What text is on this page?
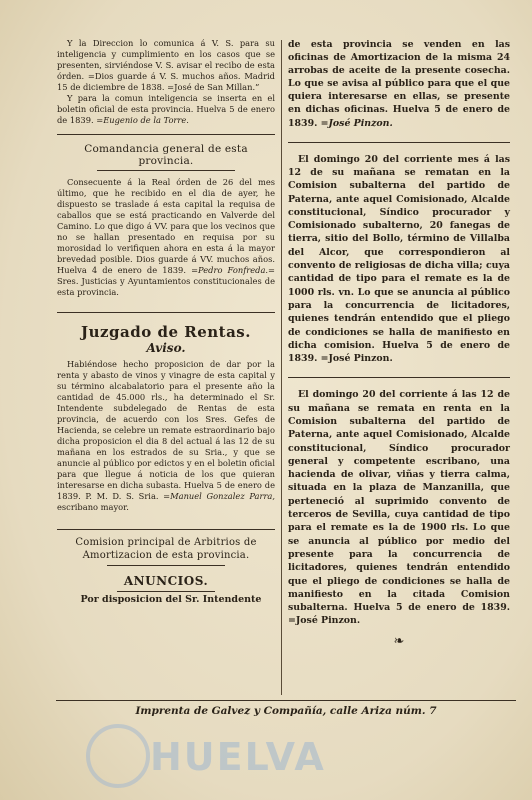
Y la Direccion lo comunica á V. S. para su inteligencia y cumplimiento en los casos que se presenten, sirviéndose V. S. avisar el recibo de esta órden. =Dios guarde á V. S. muchos años. Madrid 15 de diciembre de 1838. =José de San Millan.”

Y para la comun inteligencia se inserta en el boletin oficial de esta provincia. Huelva 5 de enero de 1839. =Eugenio de la Torre.

Comandancia general de esta provincia.

Consecuente á la Real órden de 26 del mes último, que he recibido en el dia de ayer, he dispuesto se traslade á esta capital la requisa de caballos que se está practicando en Valverde del Camino. Lo que digo á VV. para que los vecinos que no se hallan presentado en requisa por su morosidad lo verifiquen ahora en esta á la mayor brevedad posible. Dios guarde á VV. muchos años. Huelva 4 de enero de 1839. =Pedro Fonfreda.= Sres. Justicias y Ayuntamientos constitucionales de esta provincia.

Juzgado de Rentas.
Aviso.

Habiéndose hecho proposicion de dar por la renta y abasto de vinos y vinagre de esta capital y su término alcabalatorio para el presente año la cantidad de 45.000 rls., ha determinado el Sr. Intendente subdelegado de Rentas de esta provincia, de acuerdo con los Sres. Gefes de Hacienda, se celebre un remate estraordinario bajo dicha proposicion el dia 8 del actual á las 12 de su mañana en los estrados de su Sria., y que se anuncie al público por edictos y en el boletin oficial para que llegue á noticia de los que quieran interesarse en dicha subasta. Huelva 5 de enero de 1839. P. M. D. S. Sria. =Manuel Gonzalez Parra, escribano mayor.

Comision principal de Arbitrios de Amortizacion de esta provincia.
ANUNCIOS.

Por disposicion del Sr. Intendente

de esta provincia se venden en las oficinas de Amortizacion de la misma 24 arrobas de aceite de la presente cosecha. Lo que se avisa al público para que el que quiera interesarse en ellas, se presente en dichas oficinas. Huelva 5 de enero de 1839. =José Pinzon.

El domingo 20 del corriente mes á las 12 de su mañana se rematan en la Comision subalterna del partido de Paterna, ante aquel Comisionado, Alcalde constitucional, Síndico procurador y Comisionado subalterno, 20 fanegas de tierra, sitio del Bollo, término de Villalba del Alcor, que correspondieron al convento de religiosas de dicha villa; cuya cantidad de tipo para el remate es la de 1000 rls. vn. Lo que se anuncia al público para la concurrencia de licitadores, quienes tendrán entendido que el pliego de condiciones se halla de manifiesto en dicha comision. Huelva 5 de enero de 1839. =José Pinzon.

El domingo 20 del corriente á las 12 de su mañana se remata en renta en la Comision subalterna del partido de Paterna, ante aquel Comisionado, Alcalde constitucional, Síndico procurador general y competente escribano, una hacienda de olivar, viñas y tierra calma, situada en la plaza de Manzanilla, que perteneció al suprimido convento de terceros de Sevilla, cuya cantidad de tipo para el remate es la de 1900 rls. Lo que se anuncia al público por medio del presente para la concurrencia de licitadores, quienes tendrán entendido que el pliego de condiciones se halla de manifiesto en la citada Comision subalterna. Huelva 5 de enero de 1839. =José Pinzon.

❧
Imprenta de Galvez y Compañía, calle Ariza núm. 7
HUELVA
